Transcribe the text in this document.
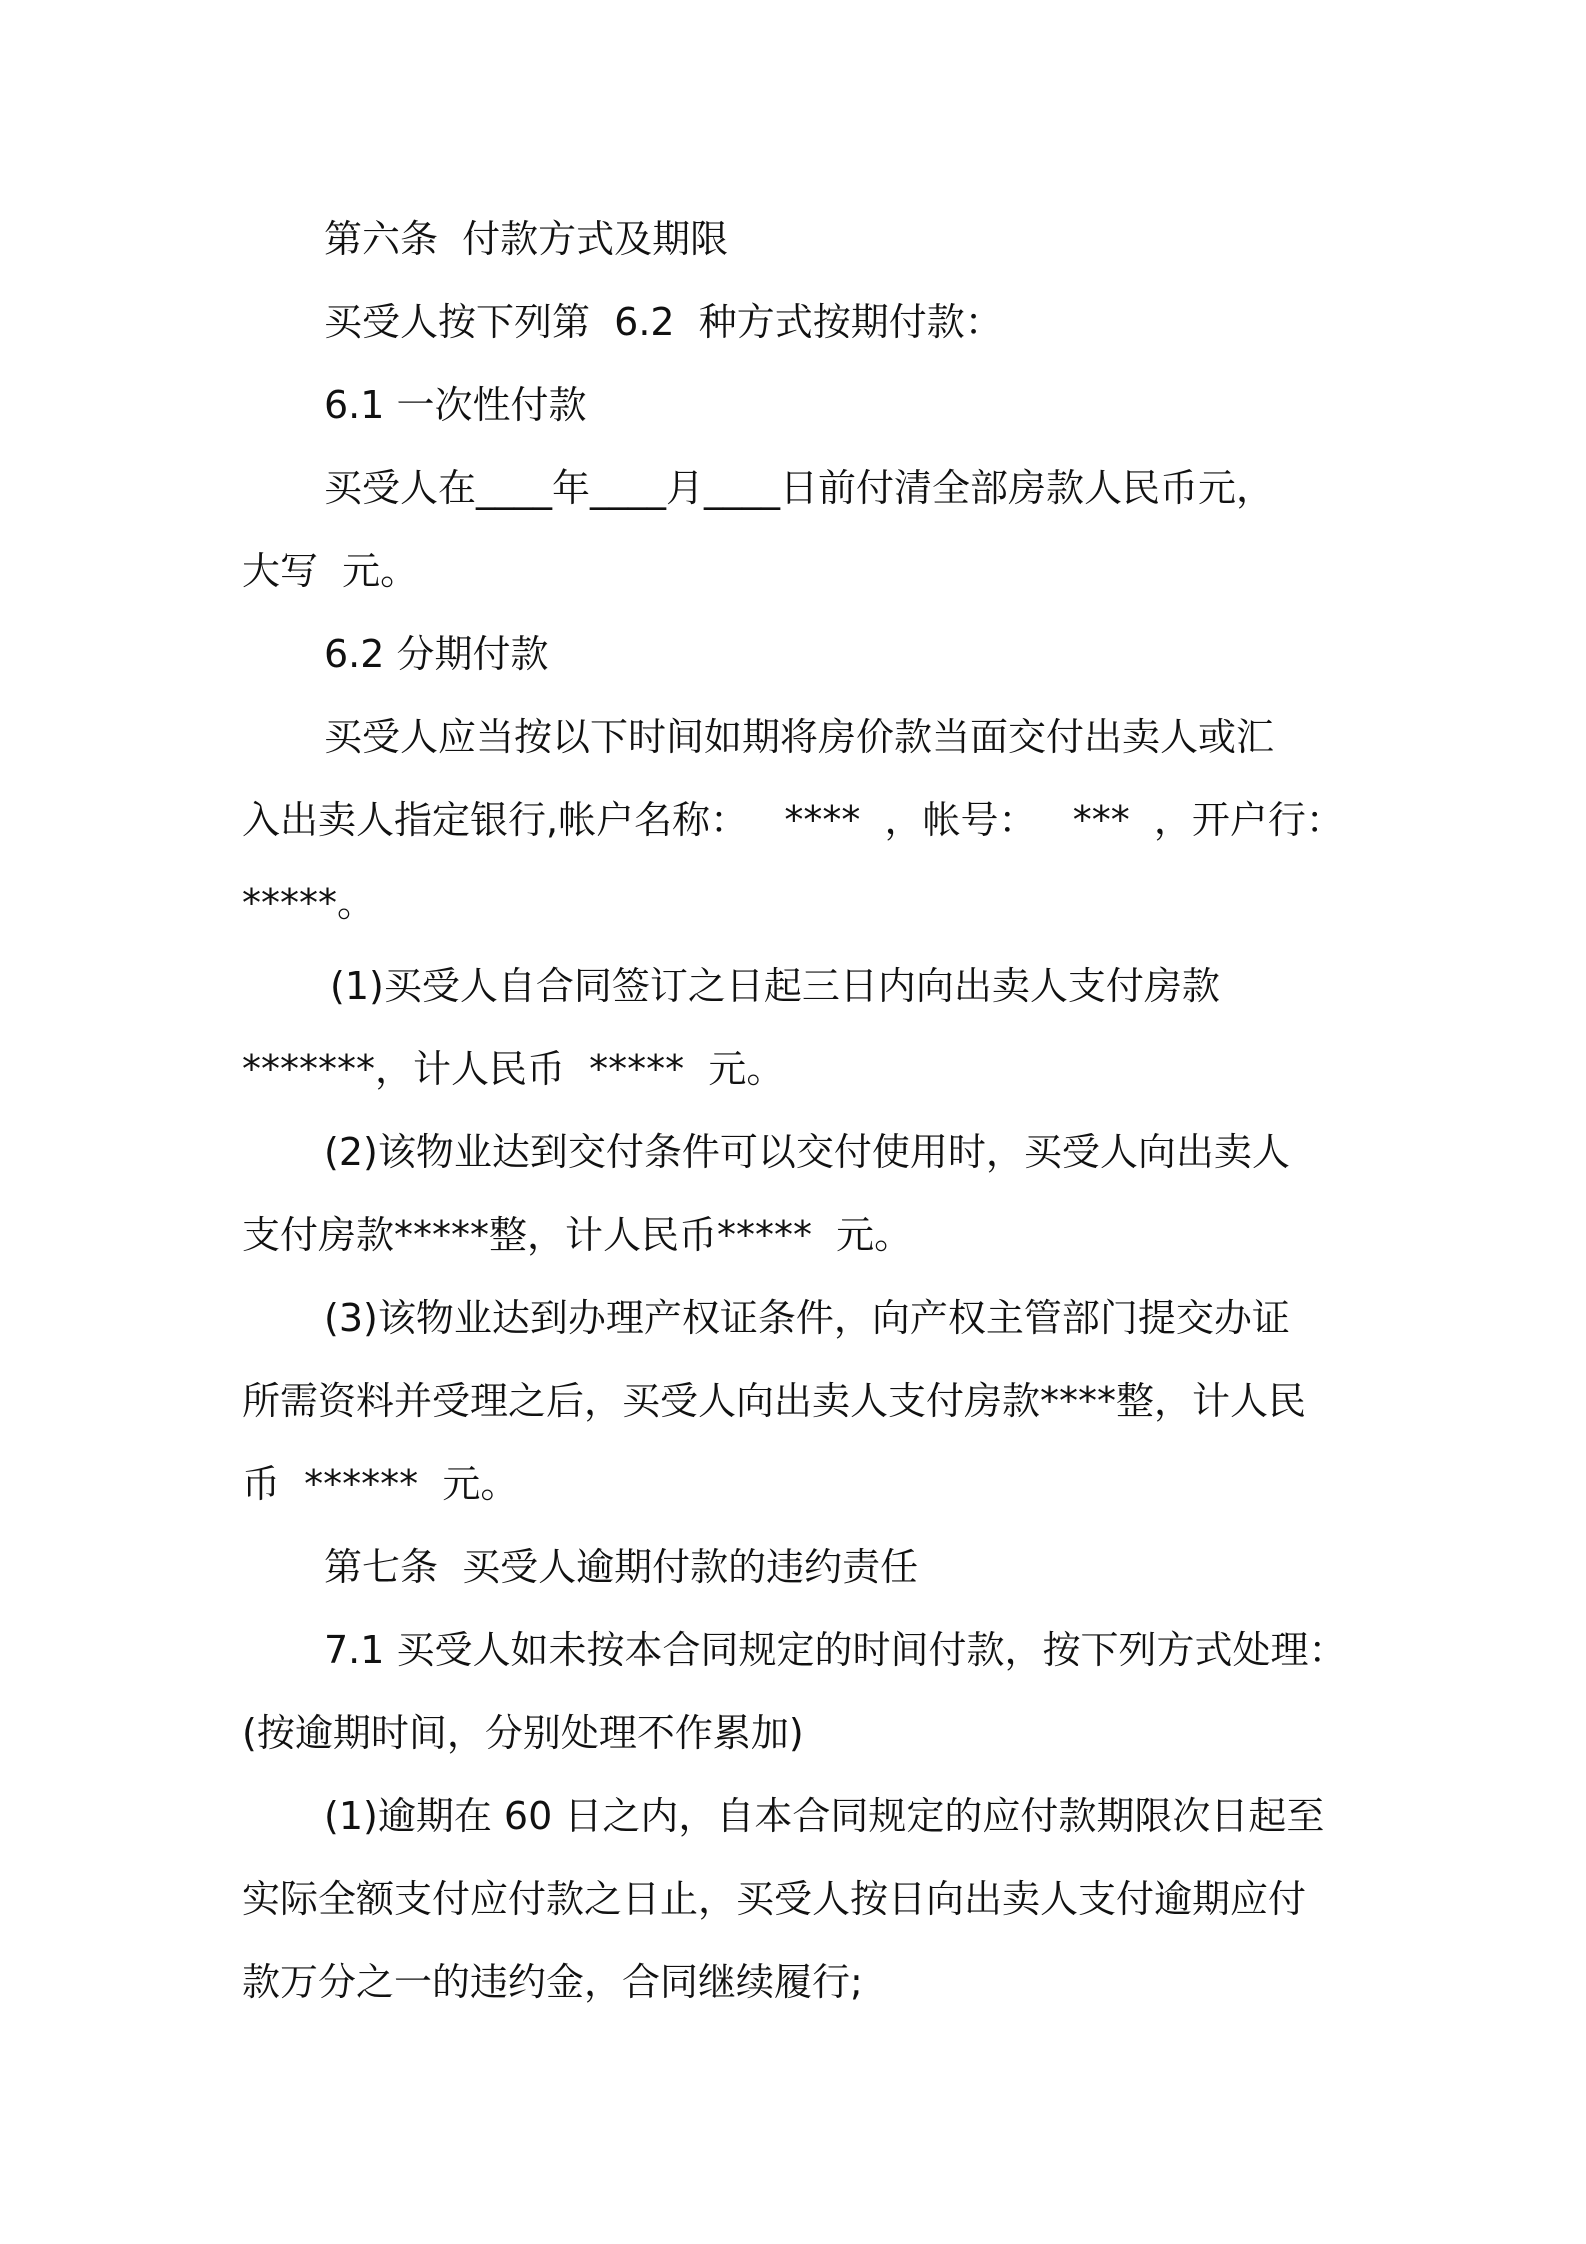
第六条  付款方式及期限
买受人按下列第  6.2  种方式按期付款：
6.1 一次性付款
买受人在____年____月____日前付清全部房款人民币元，
大写  元。
6.2 分期付款
买受人应当按以下时间如期将房价款当面交付出卖人或汇
入出卖人指定银行,帐户名称：   ****  ，帐号：   ***  ，开户行：
*****。
(1)买受人自合同签订之日起三日内向出卖人支付房款
*******，计人民币  *****  元。
(2)该物业达到交付条件可以交付使用时，买受人向出卖人
支付房款*****整，计人民币*****  元。
(3)该物业达到办理产权证条件，向产权主管部门提交办证
所需资料并受理之后，买受人向出卖人支付房款****整，计人民
币  ******  元。
第七条  买受人逾期付款的违约责任
7.1 买受人如未按本合同规定的时间付款，按下列方式处理：
(按逾期时间，分别处理不作累加)
(1)逾期在 60 日之内，自本合同规定的应付款期限次日起至
实际全额支付应付款之日止，买受人按日向出卖人支付逾期应付
款万分之一的违约金，合同继续履行;
